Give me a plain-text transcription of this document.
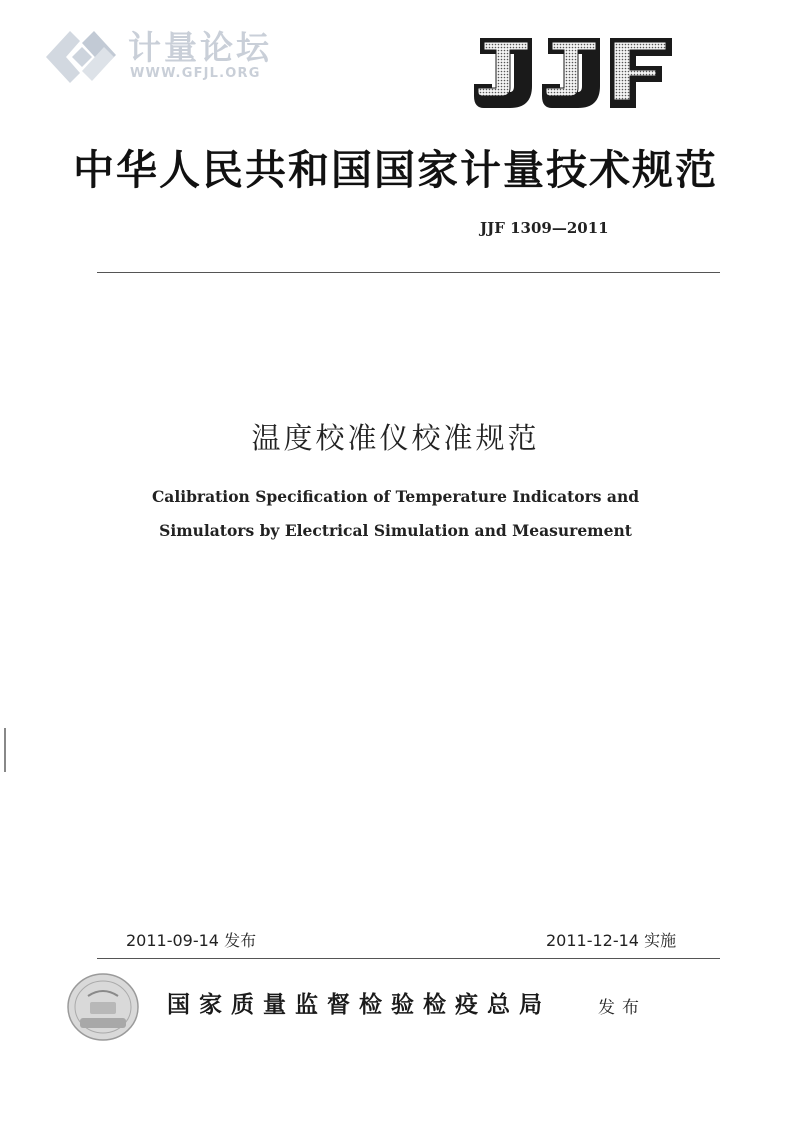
计量论坛
WWW.GFJL.ORG
中华人民共和国国家计量技术规范
JJF 1309—2011
温度校准仪校准规范
Calibration Specification of Temperature Indicators and
Simulators by Electrical Simulation and Measurement
2011-09-14 发布	2011-12-14 实施
国家质量监督检验检疫总局	发布
